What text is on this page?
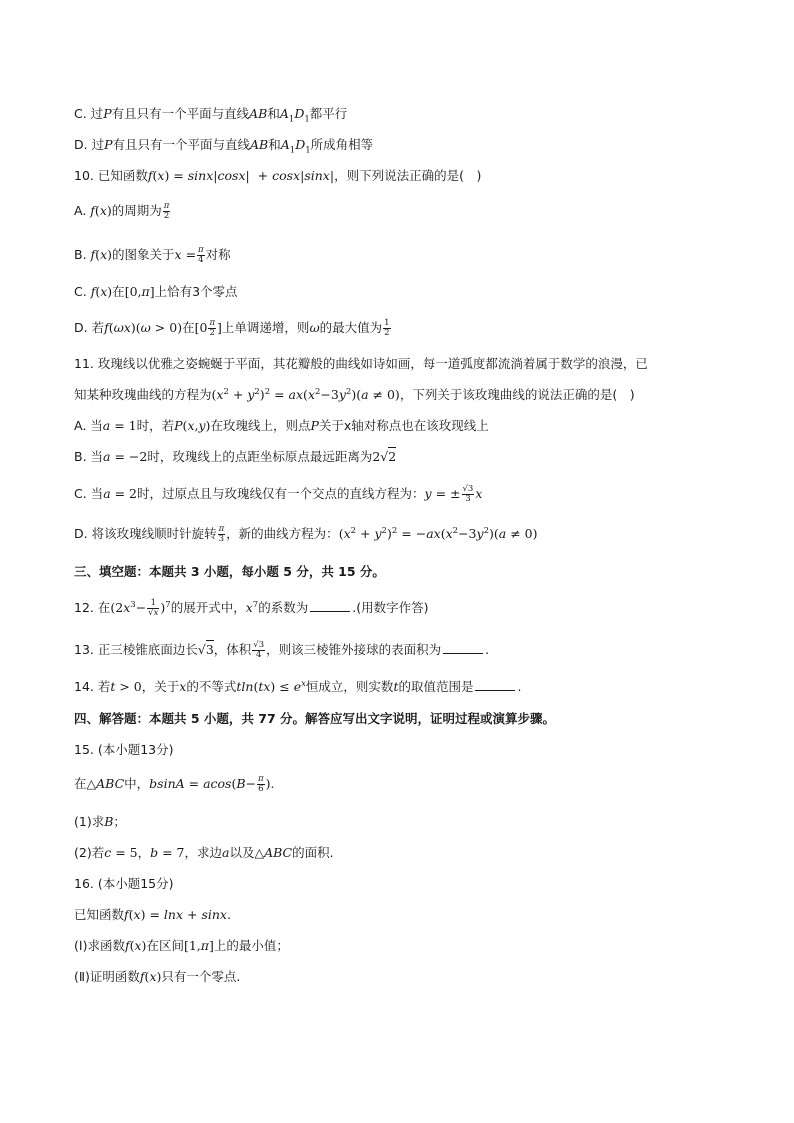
C. 过P有且只有一个平面与直线AB和$A_1D_1$都平行
D. 过P有且只有一个平面与直线AB和$A_1D_1$所成角相等
10. 已知函数f(x) = sinx|cosx|  + cosx|sinx|，则下列说法正确的是(　)
A. f(x)的周期为 $\frac{\pi}{2}$
B. f(x)的图象关于$x = \frac{\pi}{4}$ 对称
C. f(x)在[0,π]上恰有3个零点
D. 若f(ωx)(ω > 0)在[$0 \frac{\pi}{2}$ ]上单调递增，则ω的最大值为 $\frac{1}{2}$
11. 玫瑰线以优雅之姿蜿蜒于平面，其花瓣般的曲线如诗如画，每一道弧度都流淌着属于数学的浪漫，已
知某种玫瑰曲线的方程为$(x^2 + y^2)^2 = ax(x^2-3y^2)(a \ne 0)$，下列关于该玫瑰曲线的说法正确的是(　)
A. 当a = 1时，若P(x,y)在玫瑰线上，则点P关于x轴对称点也在该玫现线上
B. 当a = −2时，玫瑰线上的点距坐标原点最远距离为2√2
C. 当a = 2时，过原点且与玫瑰线仅有一个交点的直线方程为：y = ± $\frac{√3}{3}$ x
D. 将该玫瑰线顺时针旋转 $\frac{\pi}{3}$ ，新的曲线方程为：$(x^2 + y^2)^2 = -ax(x^2-3y^2)(a \ne 0)$
三、填空题：本题共 3 小题，每小题 5 分，共 15 分。
12. 在$(2x^3- \frac{1}{√x} )^7$的展开式中，$x^7$的系数为	.(用数字作答)
13. 正三棱锥底面边长√3，体积 $\frac{√3}{4}$ ，则该三棱锥外接球的表面积为	.
14. 若t > 0，关于x的不等式$tln(tx) \le e^x$恒成立，则实数t的取值范围是	.
四、解答题：本题共 5 小题，共 77 分。解答应写出文字说明，证明过程或演算步骤。
15. (本小题13分)
在△ABC中，$bsinA = acos(B- \frac{\pi}{6}$ ).
(1)求B；
(2)若c = 5，b = 7，求边a以及△ABC的面积.
16. (本小题15分)
已知函数f(x) = lnx + sinx.
(Ⅰ)求函数f(x)在区间[1,π]上的最小值；
(Ⅱ)证明函数f(x)只有一个零点.
